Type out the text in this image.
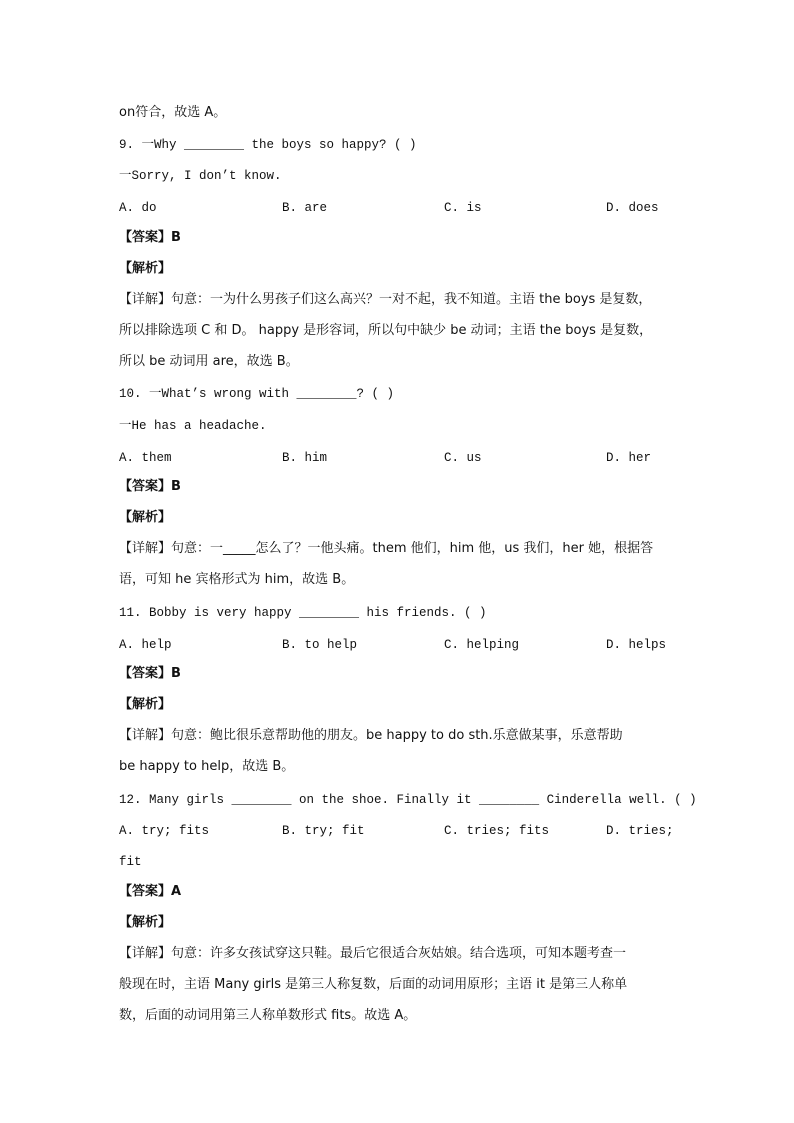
on符合，故选 A。
9. 一Why ________ the boys so happy? ( )
一Sorry, I don’t know.
A. do	B. are	C. is	D. does
【答案】B
【解析】
【详解】句意：一为什么男孩子们这么高兴？一对不起，我不知道。主语 the boys 是复数，
所以排除选项 C 和 D。 happy 是形容词，所以句中缺少 be 动词；主语 the boys 是复数，
所以 be 动词用 are，故选 B。
10. 一What’s wrong with ________? ( )
一He has a headache.
A. them	B. him	C. us	D. her
【答案】B
【解析】
【详解】句意：一_____怎么了？一他头痛。them 他们，him 他，us 我们，her 她，根据答
语，可知 he 宾格形式为 him，故选 B。
11. Bobby is very happy ________ his friends. ( )
A. help	B. to help	C. helping	D. helps
【答案】B
【解析】
【详解】句意：鲍比很乐意帮助他的朋友。be happy to do sth.乐意做某事，乐意帮助
be happy to help，故选 B。
12. Many girls ________ on the shoe. Finally it ________ Cinderella well. ( )
A. try; fits	B. try; fit	C. tries; fits	D. tries;
fit
【答案】A
【解析】
【详解】句意：许多女孩试穿这只鞋。最后它很适合灰姑娘。结合选项，可知本题考查一
般现在时，主语 Many girls 是第三人称复数，后面的动词用原形；主语 it 是第三人称单
数，后面的动词用第三人称单数形式 fits。故选 A。
